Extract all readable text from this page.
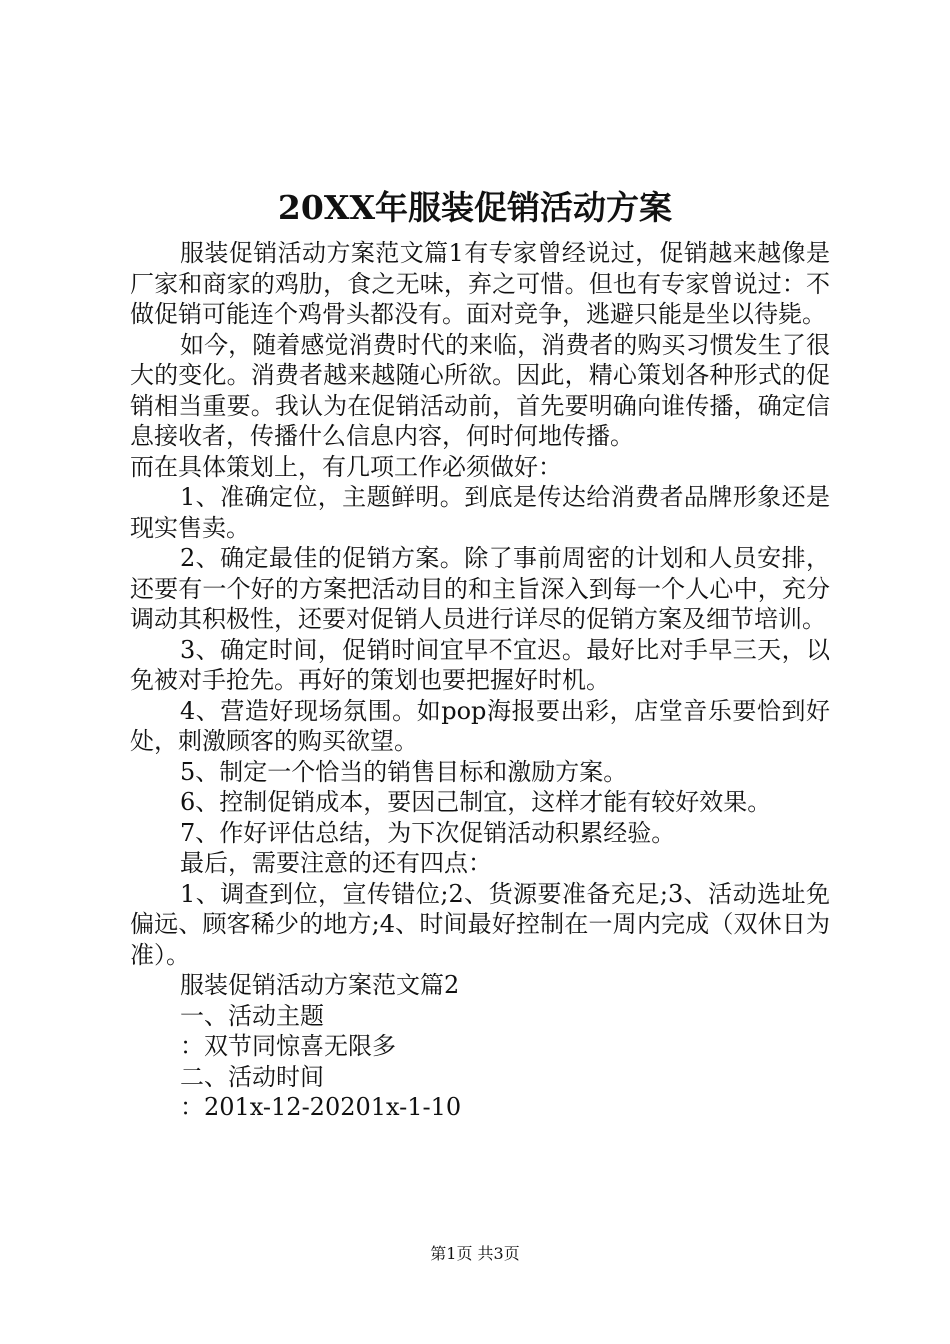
20XX年服装促销活动方案

服装促销活动方案范文篇1有专家曾经说过，促销越来越像是厂家和商家的鸡肋，食之无味，弃之可惜。但也有专家曾说过：不做促销可能连个鸡骨头都没有。面对竞争，逃避只能是坐以待毙。

如今，随着感觉消费时代的来临，消费者的购买习惯发生了很大的变化。消费者越来越随心所欲。因此，精心策划各种形式的促销相当重要。我认为在促销活动前，首先要明确向谁传播，确定信息接收者，传播什么信息内容，何时何地传播。

而在具体策划上，有几项工作必须做好：

1、准确定位，主题鲜明。到底是传达给消费者品牌形象还是现实售卖。

2、确定最佳的促销方案。除了事前周密的计划和人员安排，还要有一个好的方案把活动目的和主旨深入到每一个人心中，充分调动其积极性，还要对促销人员进行详尽的促销方案及细节培训。

3、确定时间，促销时间宜早不宜迟。最好比对手早三天，以免被对手抢先。再好的策划也要把握好时机。

4、营造好现场氛围。如pop海报要出彩，店堂音乐要恰到好处，刺激顾客的购买欲望。

5、制定一个恰当的销售目标和激励方案。

6、控制促销成本，要因己制宜，这样才能有较好效果。

7、作好评估总结，为下次促销活动积累经验。

最后，需要注意的还有四点：

1、调查到位，宣传错位;2、货源要准备充足;3、活动选址免偏远、顾客稀少的地方;4、时间最好控制在一周内完成（双休日为准）。

服装促销活动方案范文篇2

一、活动主题

：双节同惊喜无限多

二、活动时间

：201x-12-20201x-1-10

第1页 共3页
